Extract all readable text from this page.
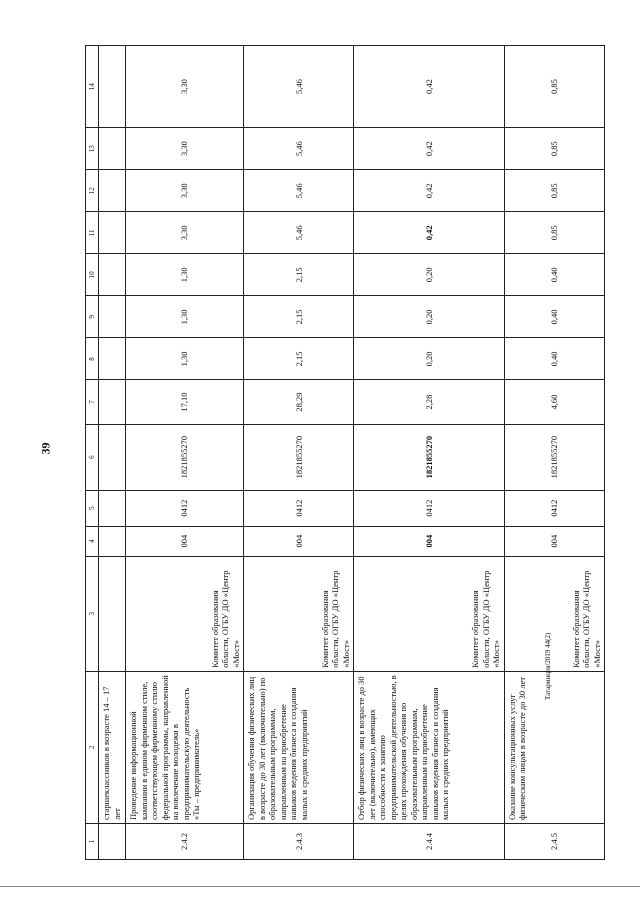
39
1	2	3	4	5	6	7	8	9	10	11	12	13	14
	старшеклассников в возрасте 14 – 17 лет												
2.4.2	Проведение информационной кампании в едином фирменном стиле, соответствующем фирменному стилю федеральной программы, направленной на вовлечение молодежи в предпринимательскую деятельность «Ты – предприниматель»	Комитет образования области, ОГБУ ДО «Центр «Мост»	004	0412	1821855270	17,10	1,30	1,30	1,30	3,30	3,30	3,30	3,30
2.4.3	Организация обучения физических лиц в возрасте до 30 лет (включительно) по образовательным программам, направленным на приобретение навыков ведения бизнеса и создания малых и средних предприятий	Комитет образования области, ОГБУ ДО «Центр «Мост»	004	0412	1821855270	28,29	2,15	2,15	2,15	5,46	5,46	5,46	5,46
2.4.4	Отбор физических лиц в возрасте до 30 лет (включительно), имеющих способности к занятию предпринимательской деятельностью, в целях прохождения обучения по образовательным программам, направленным на приобретение навыков ведения бизнеса и создания малых и средних предприятий	Комитет образования области, ОГБУ ДО «Центр «Мост»	004	0412	1821855270	2,28	0,20	0,20	0,20	0,42	0,42	0,42	0,42
2.4.5	Оказание консультационных услуг физическим лицам в возрасте до 30 лет	Комитет образования области, ОГБУ ДО «Центр «Мост»	004	0412	1821855270	4,60	0,40	0,40	0,40	0,85	0,85	0,85	0,85
Татаринцев/2019 44(2)
